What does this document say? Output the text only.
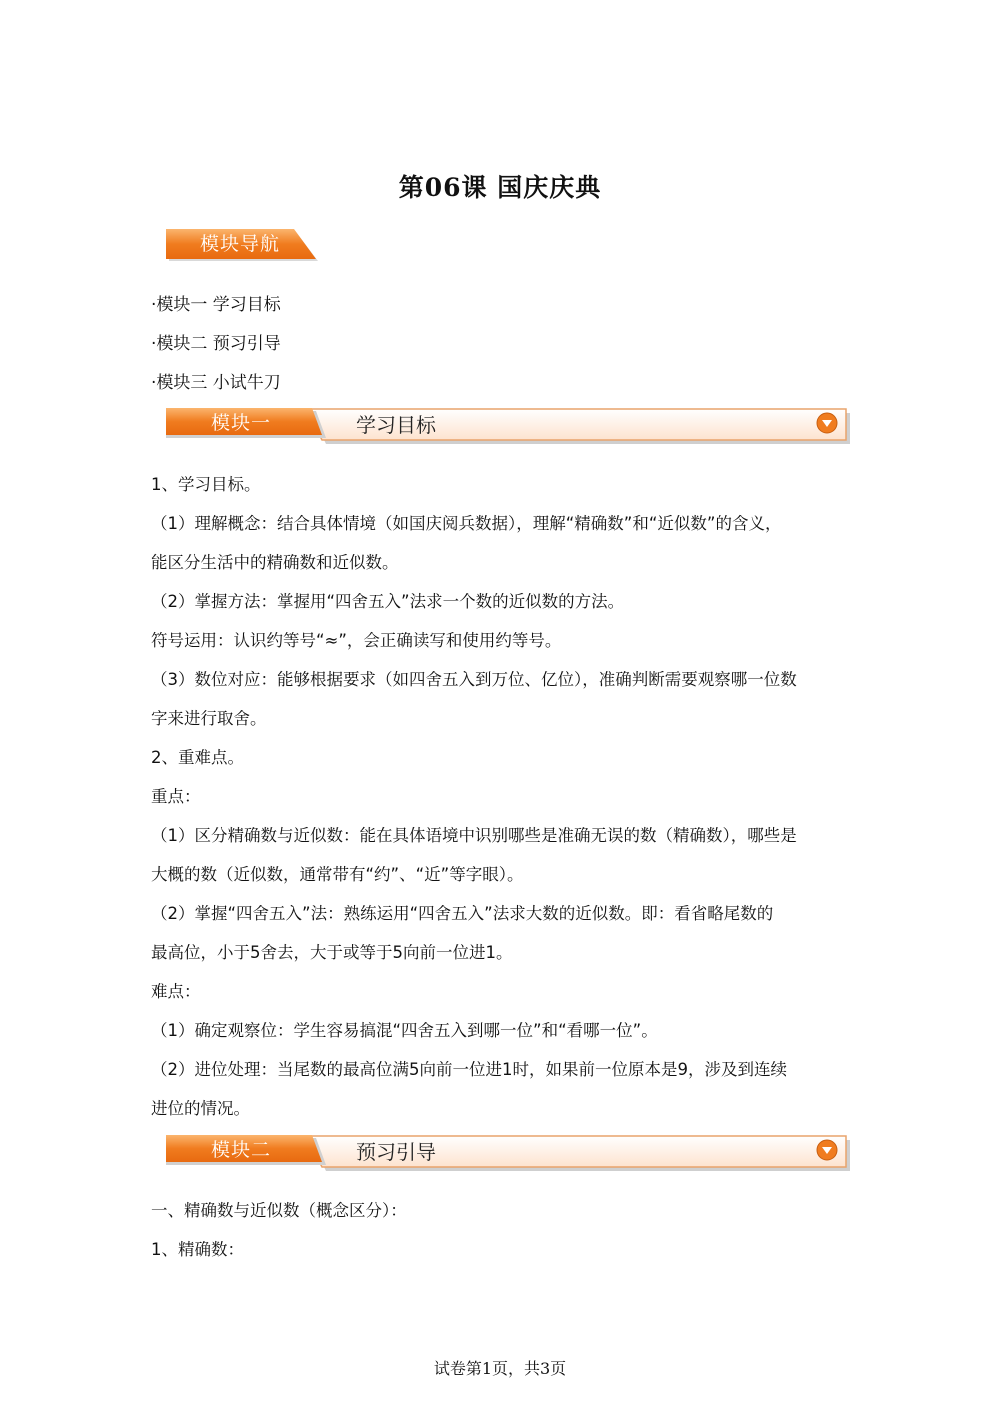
第06课 国庆庆典
模块导航
·模块一 学习目标
·模块二 预习引导
·模块三 小试牛刀
模块一	学习目标
1、学习目标。
（1）理解概念：结合具体情境（如国庆阅兵数据），理解“精确数”和“近似数”的含义，
能区分生活中的精确数和近似数。
（2）掌握方法：掌握用“四舍五入”法求一个数的近似数的方法。
符号运用：认识约等号“≈”，会正确读写和使用约等号。
（3）数位对应：能够根据要求（如四舍五入到万位、亿位），准确判断需要观察哪一位数
字来进行取舍。
2、重难点。
重点：
（1）区分精确数与近似数：能在具体语境中识别哪些是准确无误的数（精确数），哪些是
大概的数（近似数，通常带有“约”、“近”等字眼）。
（2）掌握“四舍五入”法：熟练运用“四舍五入”法求大数的近似数。即：看省略尾数的
最高位，小于5舍去，大于或等于5向前一位进1。
难点：
（1）确定观察位：学生容易搞混“四舍五入到哪一位”和“看哪一位”。
（2）进位处理：当尾数的最高位满5向前一位进1时，如果前一位原本是9，涉及到连续
进位的情况。
模块二	预习引导
一、精确数与近似数（概念区分）：
1、精确数：
试卷第1页，共3页
